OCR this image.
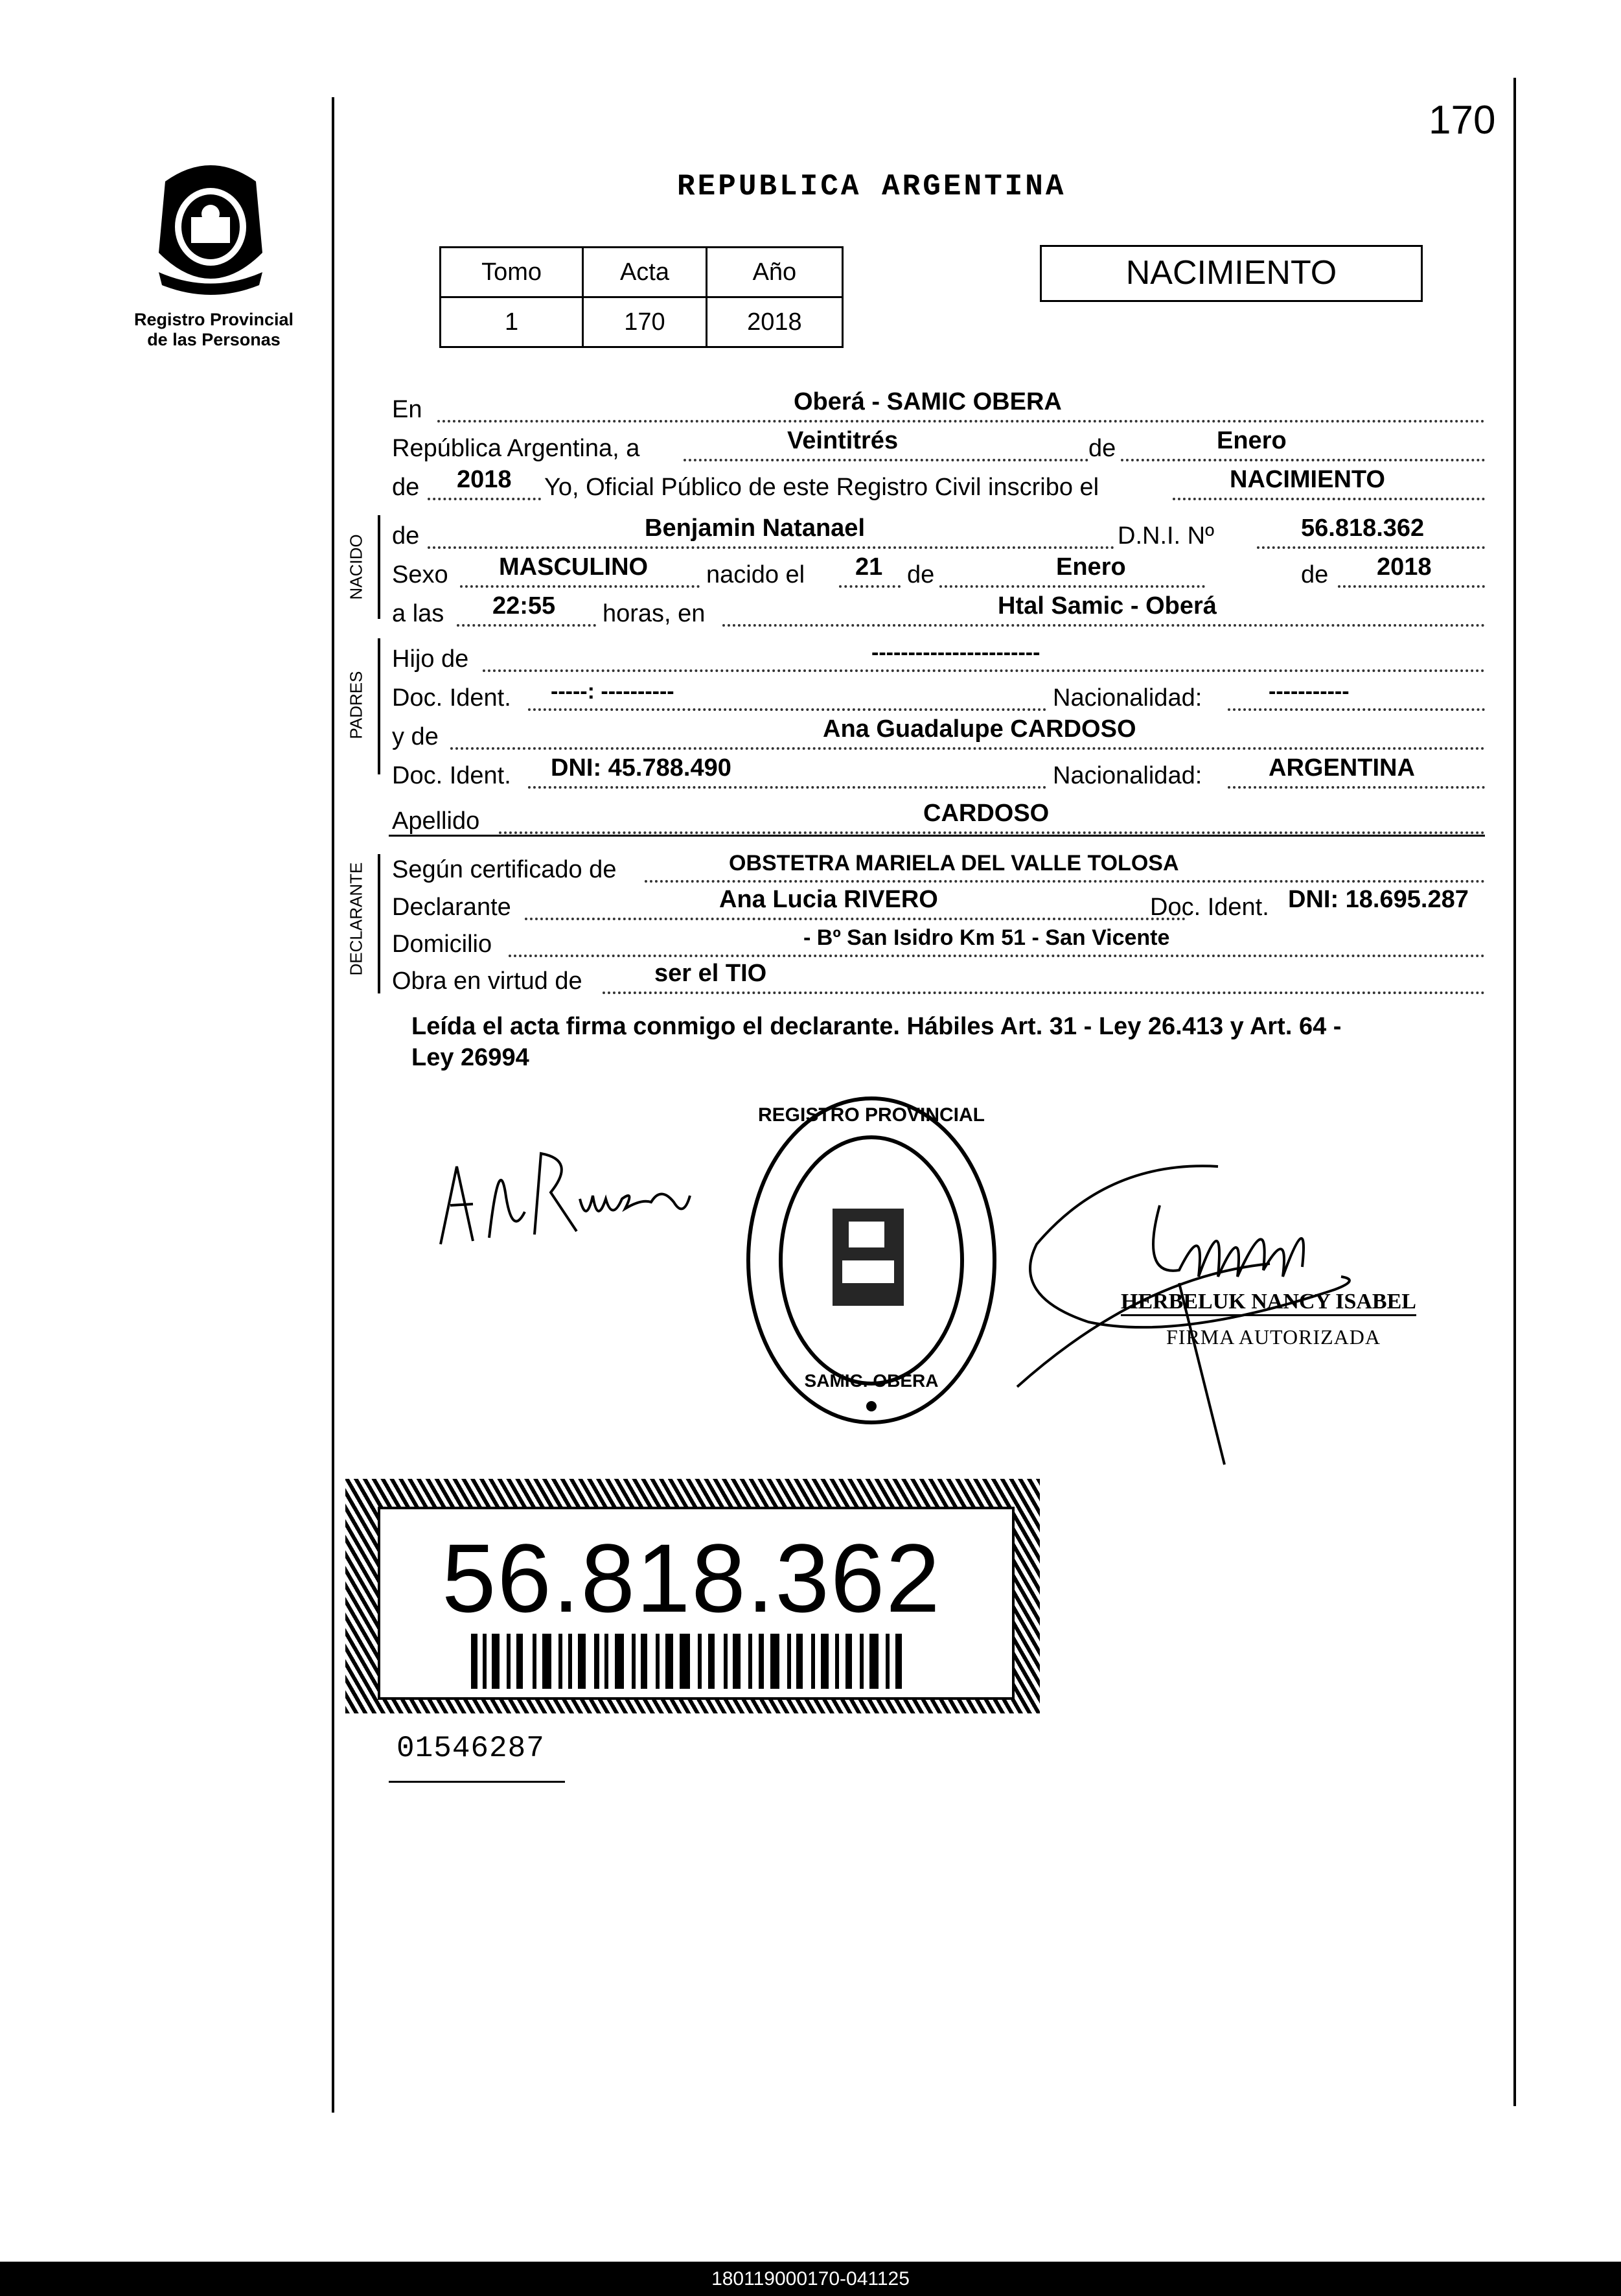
170
Registro Provincial
de las Personas
REPUBLICA ARGENTINA
Tomo	Acta	Año
1	170	2018
NACIMIENTO
En	Oberá - SAMIC OBERA
República Argentina, a	Veintitrés	de	Enero
de 2018 Yo, Oficial Público de este Registro Civil inscribo el	NACIMIENTO
NACIDO de	Benjamin Natanael	D.N.I. Nº	56.818.362
Sexo MASCULINO nacido el 21 de	Enero	de 2018
a las 22:55 horas, en	Htal Samic - Oberá
PADRES
Hijo de	-----------------------
Doc. Ident. -----: ----------	Nacionalidad:	-----------
y de	Ana Guadalupe CARDOSO
Doc. Ident. DNI: 45.788.490	Nacionalidad:	ARGENTINA
Apellido	CARDOSO
DECLARANTE Según certificado de	OBSTETRA MARIELA DEL VALLE TOLOSA
Declarante	Ana Lucia RIVERO	Doc. Ident. DNI: 18.695.287
Domicilio	- Bº San Isidro Km 51 - San Vicente
Obra en virtud de	ser el TIO
Leída el acta firma conmigo el declarante. Hábiles Art. 31 - Ley 26.413 y Art. 64 -
Ley 26994
REGISTRO PROVINCIAL
SAMIC. OBERA
HERBELUK NANCY ISABEL
FIRMA AUTORIZADA
56.818.362
01546287
180119000170-041125
